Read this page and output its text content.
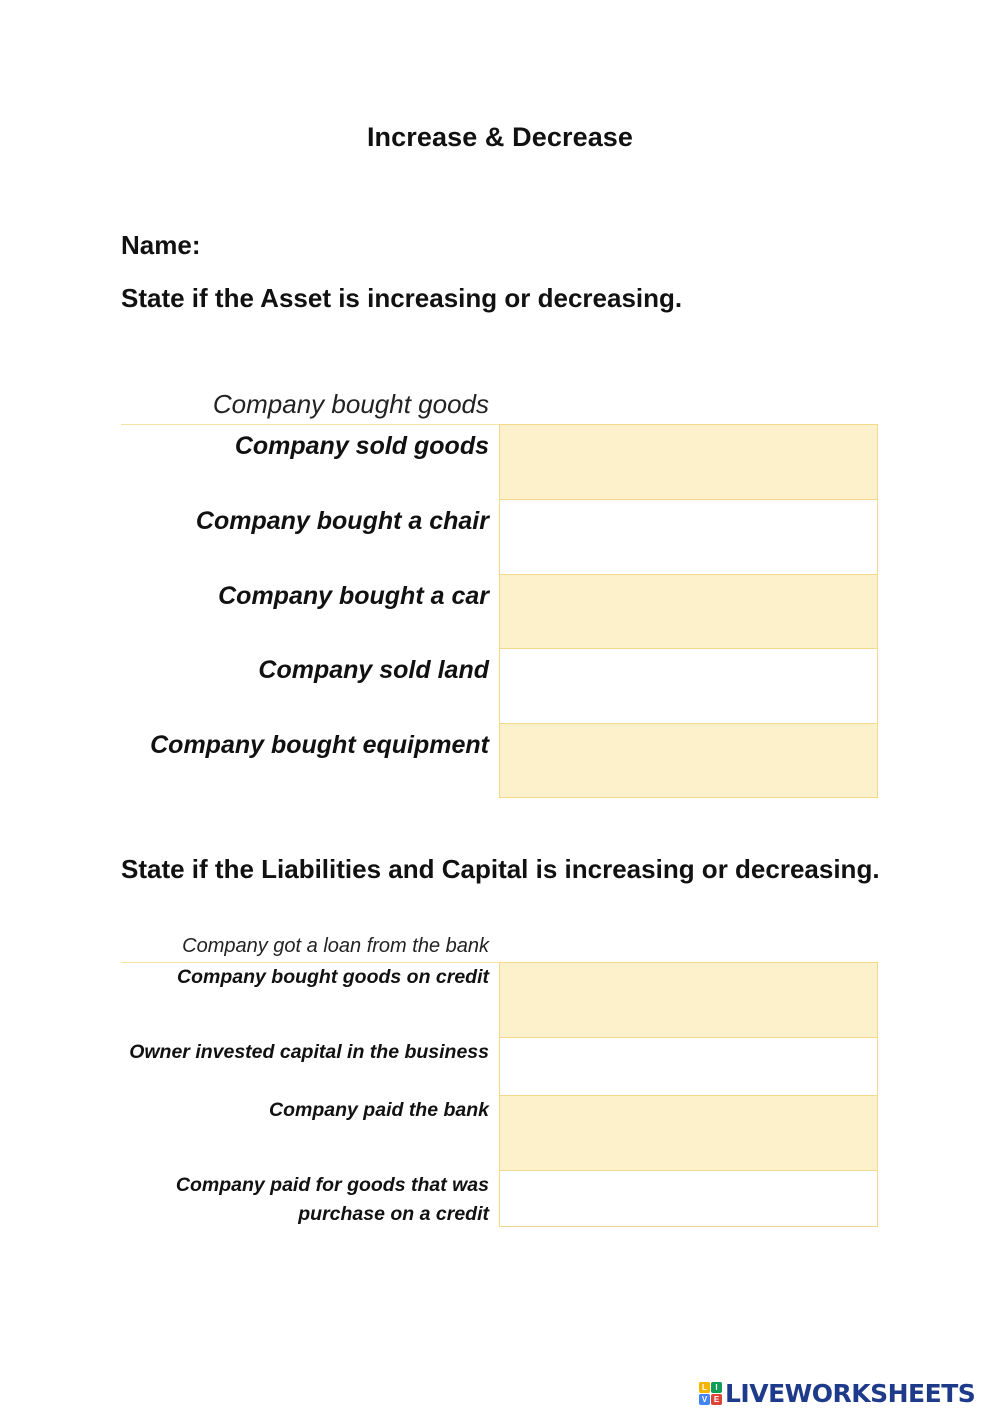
Increase & Decrease
Name:
State if the Asset is increasing or decreasing.
Company bought goods
Company sold goods
Company bought a chair
Company bought a car
Company sold land
Company bought equipment
State if the Liabilities and Capital is increasing or decreasing.
Company got a loan from the bank
Company bought goods on credit
Owner invested capital in the business
Company paid the bank
Company paid for goods that was purchase on a credit
L	I
V E LIVEWORKSHEETS
